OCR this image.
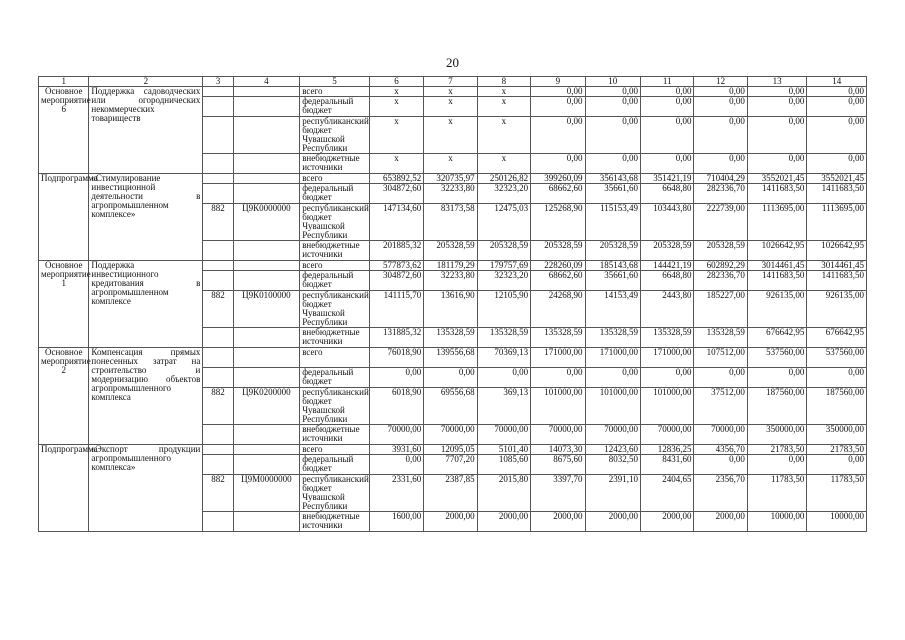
20
1	2	3	4	5	6	7	8	9	10	11	12	13	14
Основное мероприятие 6	Поддержка садоводческих или огороднических некоммерческих товариществ			всего	x	x	x	0,00	0,00	0,00	0,00	0,00	0,00
				федеральный бюджет	x	x	x	0,00	0,00	0,00	0,00	0,00	0,00
				республиканский бюджет Чувашской Республики	x	x	x	0,00	0,00	0,00	0,00	0,00	0,00
				внебюджетные источники	x	x	x	0,00	0,00	0,00	0,00	0,00	0,00
Подпрограмма	«Стимулирование инвестиционной деятельности в агропромышленном комплексе»			всего	653892,52	320735,97	250126,82	399260,09	356143,68	351421,19	710404,29	3552021,45	3552021,45
				федеральный бюджет	304872,60	32233,80	32323,20	68662,60	35661,60	6648,80	282336,70	1411683,50	1411683,50
		882	Ц9К0000000	республиканский бюджет Чувашской Республики	147134,60	83173,58	12475,03	125268,90	115153,49	103443,80	222739,00	1113695,00	1113695,00
				внебюджетные источники	201885,32	205328,59	205328,59	205328,59	205328,59	205328,59	205328,59	1026642,95	1026642,95
Основное мероприятие 1	Поддержка инвестиционного кредитования в агропромышленном комплексе			всего	577873,62	181179,29	179757,69	228260,09	185143,68	144421,19	602892,29	3014461,45	3014461,45
				федеральный бюджет	304872,60	32233,80	32323,20	68662,60	35661,60	6648,80	282336,70	1411683,50	1411683,50
		882	Ц9К0100000	республиканский бюджет Чувашской Республики	141115,70	13616,90	12105,90	24268,90	14153,49	2443,80	185227,00	926135,00	926135,00
				внебюджетные источники	131885,32	135328,59	135328,59	135328,59	135328,59	135328,59	135328,59	676642,95	676642,95
Основное мероприятие 2	Компенсация прямых понесенных затрат на строительство и модернизацию объектов агропромышленного комплекса			всего	76018,90	139556,68	70369,13	171000,00	171000,00	171000,00	107512,00	537560,00	537560,00
				федеральный бюджет	0,00	0,00	0,00	0,00	0,00	0,00	0,00	0,00	0,00
		882	Ц9К0200000	республиканский бюджет Чувашской Республики	6018,90	69556,68	369,13	101000,00	101000,00	101000,00	37512,00	187560,00	187560,00
				внебюджетные источники	70000,00	70000,00	70000,00	70000,00	70000,00	70000,00	70000,00	350000,00	350000,00
Подпрограмма	«Экспорт продукции агропромышленного комплекса»			всего	3931,60	12095,05	5101,40	14073,30	12423,60	12836,25	4356,70	21783,50	21783,50
				федеральный бюджет	0,00	7707,20	1085,60	8675,60	8032,50	8431,60	0,00	0,00	0,00
		882	Ц9М0000000	республиканский бюджет Чувашской Республики	2331,60	2387,85	2015,80	3397,70	2391,10	2404,65	2356,70	11783,50	11783,50
				внебюджетные источники	1600,00	2000,00	2000,00	2000,00	2000,00	2000,00	2000,00	10000,00	10000,00
